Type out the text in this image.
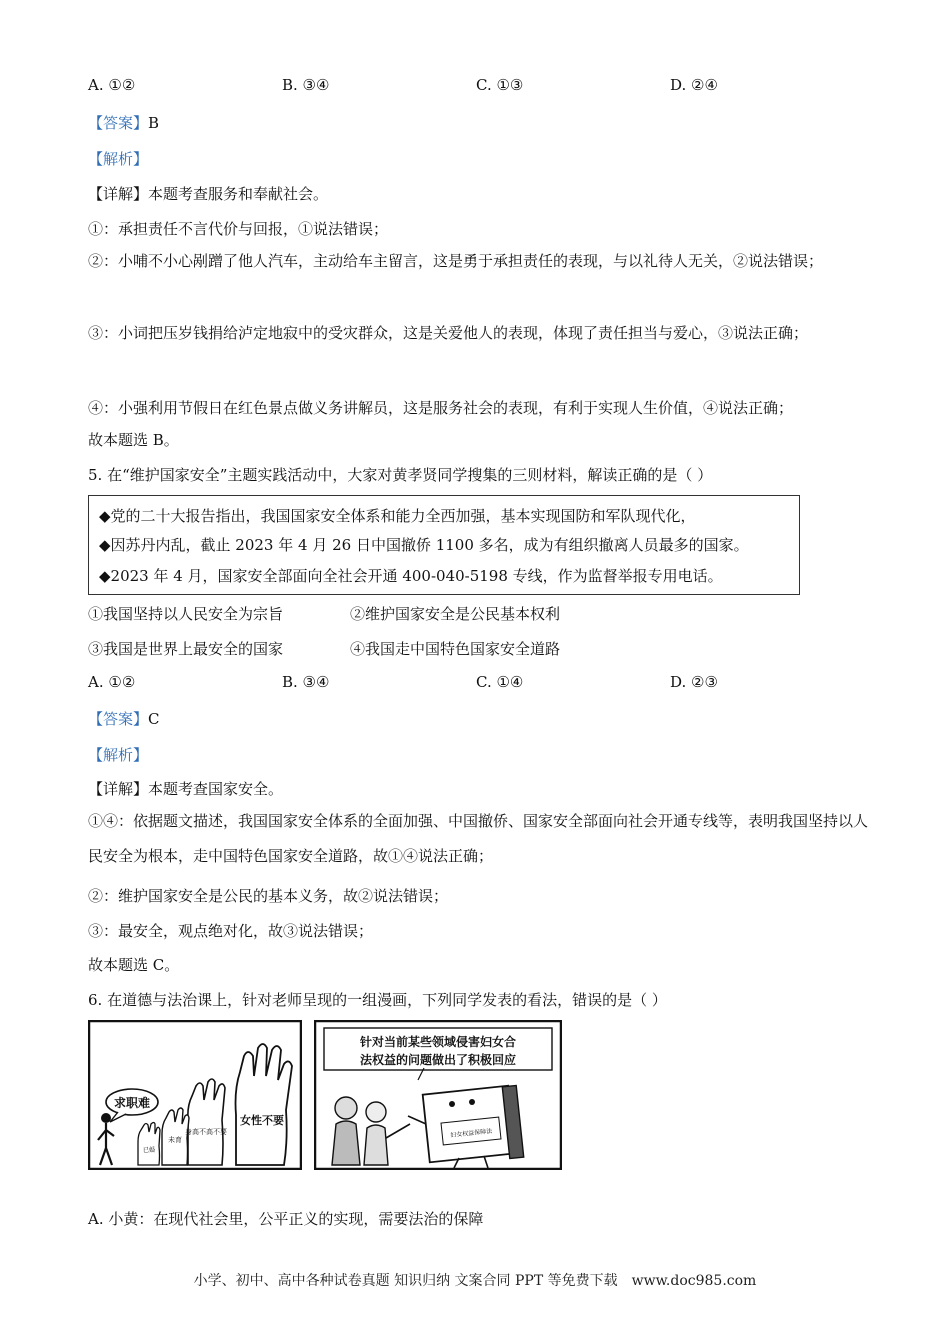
A. ①②	B. ③④	C. ①③	D. ②④
【答案】B
【解析】
【详解】本题考查服务和奉献社会。
①：承担责任不言代价与回报，①说法错误；
②：小哺不小心剐蹭了他人汽车，主动给车主留言，这是勇于承担责任的表现，与以礼待人无关，②说法错误；
③：小词把压岁钱捐给泸定地寂中的受灾群众，这是关爱他人的表现，体现了责任担当与爱心，③说法正确；
④：小强利用节假日在红色景点做义务讲解员，这是服务社会的表现，有利于实现人生价值，④说法正确；
故本题选 B。
5. 在“维护国家安全”主题实践活动中，大家对黄孝贤同学搜集的三则材料，解读正确的是（ ）
◆党的二十大报告指出，我国国家安全体系和能力全西加强，基本实现国防和军队现代化，
◆因苏丹内乱，截止 2023 年 4 月 26 日中国撤侨 1100 多名，成为有组织撤离人员最多的国家。
◆2023 年 4 月，国家安全部面向全社会开通 400-040-5198 专线，作为监督举报专用电话。
①我国坚持以人民安全为宗旨	②维护国家安全是公民基本权利
③我国是世界上最安全的国家	④我国走中国特色国家安全道路
A. ①②	B. ③④	C. ①④	D. ②③
【答案】C
【解析】
【详解】本题考查国家安全。
①④：依据题文描述，我国国家安全体系的全面加强、中国撤侨、国家安全部面向社会开通专线等，表明我国坚持以人民安全为根本，走中国特色国家安全道路，故①④说法正确；
②：维护国家安全是公民的基本义务，故②说法错误；
③：最安全，观点绝对化，故③说法错误；
故本题选 C。
6. 在道德与法治课上，针对老师呈现的一组漫画，下列同学发表的看法，错误的是（ ）
求职难
已婚
未育
身高不高不要
女性不要
针对当前某些领域侵害妇女合
法权益的问题做出了积极回应
妇女权益保障法
A. 小黄：在现代社会里，公平正义的实现，需要法治的保障
小学、初中、高中各种试卷真题 知识归纳 文案合同 PPT 等免费下载 www.doc985.com
